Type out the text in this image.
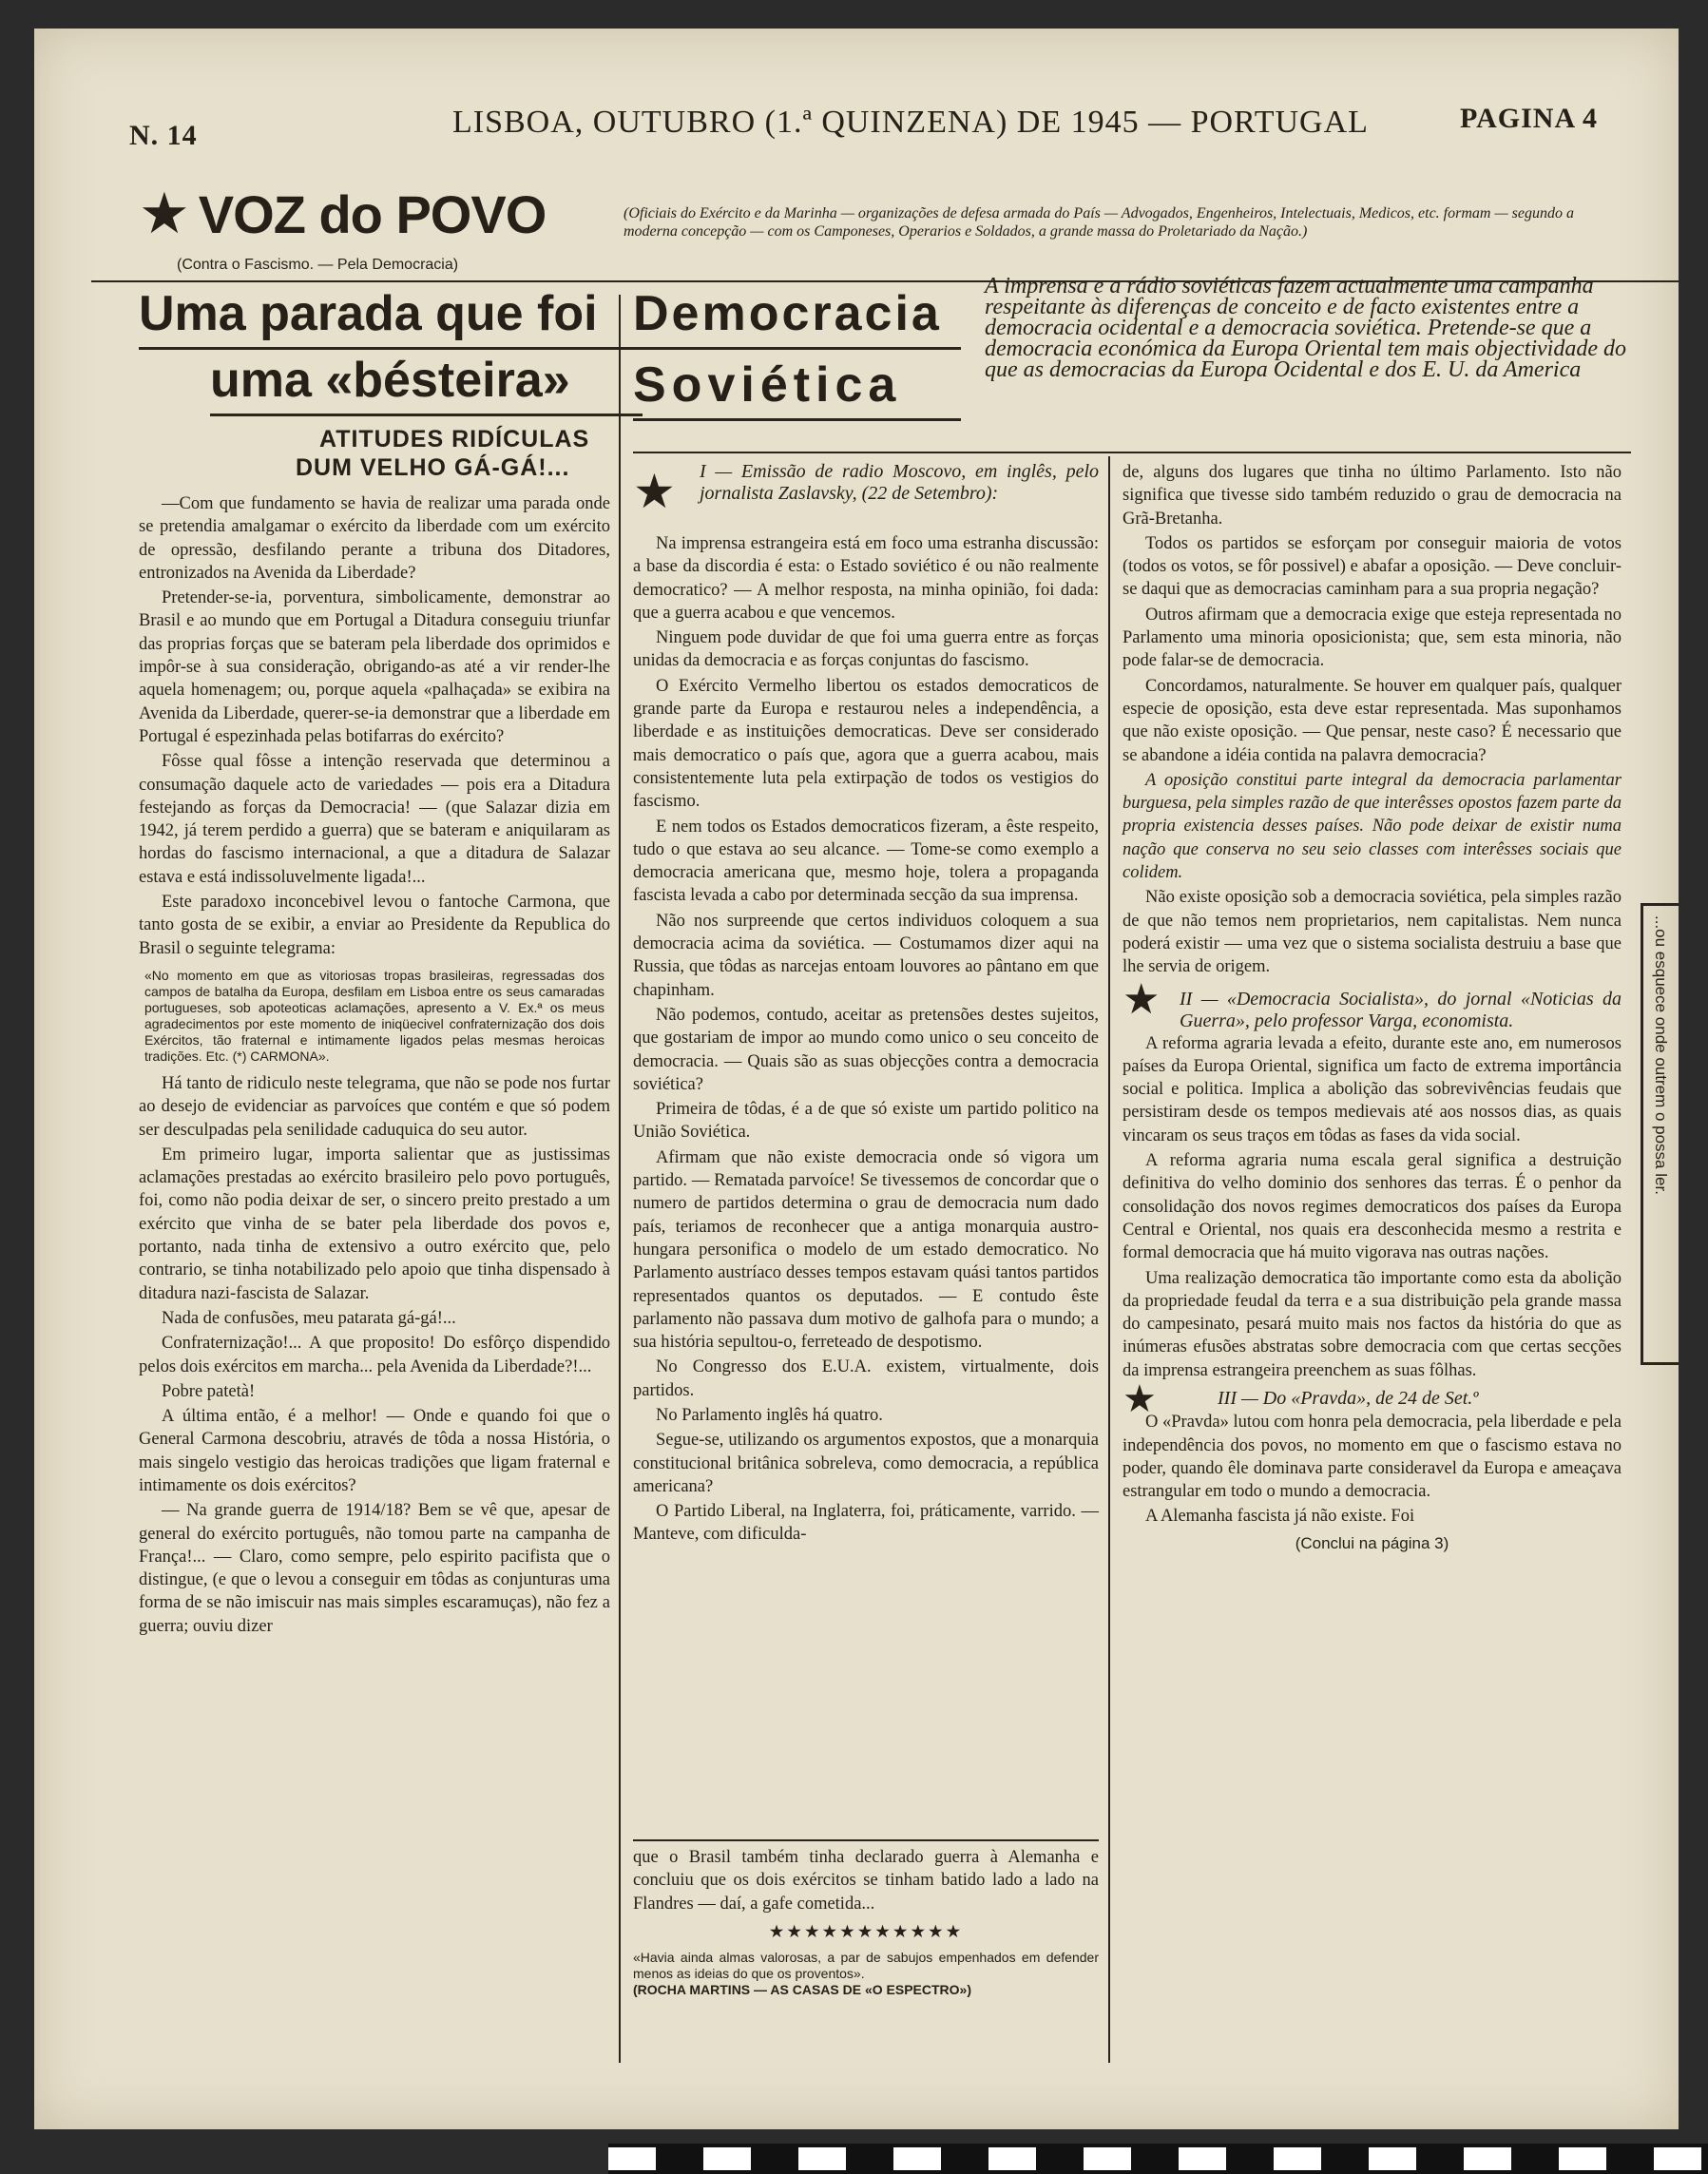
N. 14	LISBOA, OUTUBRO (1.ª QUINZENA) DE 1945 — PORTUGAL	PAGINA 4
★ VOZ do POVO
(Contra o Fascismo. — Pela Democracia)
(Oficiais do Exército e da Marinha — organizações de defesa armada do País — Advogados, Engenheiros, Intelectuais, Medicos, etc. formam — segundo a moderna concepção — com os Camponeses, Operarios e Soldados, a grande massa do Proletariado da Nação.)
Uma parada que foi
uma «bésteira»
ATITUDES RIDÍCULAS
DUM VELHO GÁ-GÁ!...
Democracia
Soviética
A imprensa e a rádio soviéticas fazem actualmente uma campanha respeitante às diferenças de conceito e de facto existentes entre a democracia ocidental e a democracia soviética. Pretende-se que a democracia económica da Europa Oriental tem mais objectividade do que as democracias da Europa Ocidental e dos E. U. da America

—Com que fundamento se havia de realizar uma parada onde se pretendia amalgamar o exército da liberdade com um exército de opressão, desfilando perante a tribuna dos Ditadores, entronizados na Avenida da Liberdade?

Pretender-se-ia, porventura, simbolicamente, demonstrar ao Brasil e ao mundo que em Portugal a Ditadura conseguiu triunfar das proprias forças que se bateram pela liberdade dos oprimidos e impôr-se à sua consideração, obrigando-as até a vir render-lhe aquela homenagem; ou, porque aquela «palhaçada» se exibira na Avenida da Liberdade, querer-se-ia demonstrar que a liberdade em Portugal é espezinhada pelas botifarras do exército?

Fôsse qual fôsse a intenção reservada que determinou a consumação daquele acto de variedades — pois era a Ditadura festejando as forças da Democracia! — (que Salazar dizia em 1942, já terem perdido a guerra) que se bateram e aniquilaram as hordas do fascismo internacional, a que a ditadura de Salazar estava e está indissoluvelmente ligada!...

Este paradoxo inconcebivel levou o fantoche Carmona, que tanto gosta de se exibir, a enviar ao Presidente da Republica do Brasil o seguinte telegrama:

«No momento em que as vitoriosas tropas brasileiras, regressadas dos campos de batalha da Europa, desfilam em Lisboa entre os seus camaradas portugueses, sob apoteoticas aclamações, apresento a V. Ex.ª os meus agradecimentos por este momento de iniqüecivel confraternização dos dois Exércitos, tão fraternal e intimamente ligados pelas mesmas heroicas tradições. Etc. (*) CARMONA».

Há tanto de ridiculo neste telegrama, que não se pode nos furtar ao desejo de evidenciar as parvoíces que contém e que só podem ser desculpadas pela senilidade caduquica do seu autor.

Em primeiro lugar, importa salientar que as justissimas aclamações prestadas ao exército brasileiro pelo povo português, foi, como não podia deixar de ser, o sincero preito prestado a um exército que vinha de se bater pela liberdade dos povos e, portanto, nada tinha de extensivo a outro exército que, pelo contrario, se tinha notabilizado pelo apoio que tinha dispensado à ditadura nazi-fascista de Salazar.

Nada de confusões, meu patarata gá-gá!...

Confraternização!... A que proposito! Do esfôrço dispendido pelos dois exércitos em marcha... pela Avenida da Liberdade?!...

Pobre patetà!

A última então, é a melhor! — Onde e quando foi que o General Carmona descobriu, através de tôda a nossa História, o mais singelo vestigio das heroicas tradições que ligam fraternal e intimamente os dois exércitos?

— Na grande guerra de 1914/18? Bem se vê que, apesar de general do exército português, não tomou parte na campanha de França!... — Claro, como sempre, pelo espirito pacifista que o distingue, (e que o levou a conseguir em tôdas as conjunturas uma forma de se não imiscuir nas mais simples escaramuças), não fez a guerra; ouviu dizer

★	I — Emissão de radio Moscovo, em inglês, pelo jornalista Zaslavsky, (22 de Setembro):

Na imprensa estrangeira está em foco uma estranha discussão: a base da discordia é esta: o Estado soviético é ou não realmente democratico? — A melhor resposta, na minha opinião, foi dada: que a guerra acabou e que vencemos.

Ninguem pode duvidar de que foi uma guerra entre as forças unidas da democracia e as forças conjuntas do fascismo.

O Exército Vermelho libertou os estados democraticos de grande parte da Europa e restaurou neles a independência, a liberdade e as instituições democraticas. Deve ser considerado mais democratico o país que, agora que a guerra acabou, mais consistentemente luta pela extirpação de todos os vestigios do fascismo.

E nem todos os Estados democraticos fizeram, a êste respeito, tudo o que estava ao seu alcance. — Tome-se como exemplo a democracia americana que, mesmo hoje, tolera a propaganda fascista levada a cabo por determinada secção da sua imprensa.

Não nos surpreende que certos individuos coloquem a sua democracia acima da soviética. — Costumamos dizer aqui na Russia, que tôdas as narcejas entoam louvores ao pântano em que chapinham.

Não podemos, contudo, aceitar as pretensões destes sujeitos, que gostariam de impor ao mundo como unico o seu conceito de democracia. — Quais são as suas objecções contra a democracia soviética?

Primeira de tôdas, é a de que só existe um partido politico na União Soviética.

Afirmam que não existe democracia onde só vigora um partido. — Rematada parvoíce! Se tivessemos de concordar que o numero de partidos determina o grau de democracia num dado país, teriamos de reconhecer que a antiga monarquia austro-hungara personifica o modelo de um estado democratico. No Parlamento austríaco desses tempos estavam quási tantos partidos representados quantos os deputados. — E contudo êste parlamento não passava dum motivo de galhofa para o mundo; a sua história sepultou-o, ferreteado de despotismo.

No Congresso dos E.U.A. existem, virtualmente, dois partidos.

No Parlamento inglês há quatro.

Segue-se, utilizando os argumentos expostos, que a monarquia constitucional britânica sobreleva, como democracia, a república americana?

O Partido Liberal, na Inglaterra, foi, práticamente, varrido. — Manteve, com dificulda-

que o Brasil também tinha declarado guerra à Alemanha e concluiu que os dois exércitos se tinham batido lado a lado na Flandres — daí, a gafe cometida...

★★★★★★★★★★★
«Havia ainda almas valorosas, a par de sabujos empenhados em defender menos as ideias do que os proventos».
(ROCHA MARTINS — AS CASAS DE «O ESPECTRO»)

de, alguns dos lugares que tinha no último Parlamento. Isto não significa que tivesse sido também reduzido o grau de democracia na Grã-Bretanha.

Todos os partidos se esforçam por conseguir maioria de votos (todos os votos, se fôr possivel) e abafar a oposição. — Deve concluir-se daqui que as democracias caminham para a sua propria negação?

Outros afirmam que a democracia exige que esteja representada no Parlamento uma minoria oposicionista; que, sem esta minoria, não pode falar-se de democracia.

Concordamos, naturalmente. Se houver em qualquer país, qualquer especie de oposição, esta deve estar representada. Mas suponhamos que não existe oposição. — Que pensar, neste caso? É necessario que se abandone a idéia contida na palavra democracia?

A oposição constitui parte integral da democracia parlamentar burguesa, pela simples razão de que interêsses opostos fazem parte da propria existencia desses países. Não pode deixar de existir numa nação que conserva no seu seio classes com interêsses sociais que colidem.

Não existe oposição sob a democracia soviética, pela simples razão de que não temos nem proprietarios, nem capitalistas. Nem nunca poderá existir — uma vez que o sistema socialista destruiu a base que lhe servia de origem.

★	II — «Democracia Socialista», do jornal «Noticias da Guerra», pelo professor Varga, economista.

A reforma agraria levada a efeito, durante este ano, em numerosos países da Europa Oriental, significa um facto de extrema importância social e politica. Implica a abolição das sobrevivências feudais que persistiram desde os tempos medievais até aos nossos dias, as quais vincaram os seus traços em tôdas as fases da vida social.

A reforma agraria numa escala geral significa a destruição definitiva do velho dominio dos senhores das terras. É o penhor da consolidação dos novos regimes democraticos dos países da Europa Central e Oriental, nos quais era desconhecida mesmo a restrita e formal democracia que há muito vigorava nas outras nações.

Uma realização democratica tão importante como esta da abolição da propriedade feudal da terra e a sua distribuição pela grande massa do campesinato, pesará muito mais nos factos da história do que as inúmeras efusões abstratas sobre democracia com que certas secções da imprensa estrangeira preenchem as suas fôlhas.

★	III — Do «Pravda», de 24 de Set.º

O «Pravda» lutou com honra pela democracia, pela liberdade e pela independência dos povos, no momento em que o fascismo estava no poder, quando êle dominava parte consideravel da Europa e ameaçava estrangular em todo o mundo a democracia.

A Alemanha fascista já não existe. Foi

(Conclui na página 3)
...ou esquece onde outrem o possa ler.
